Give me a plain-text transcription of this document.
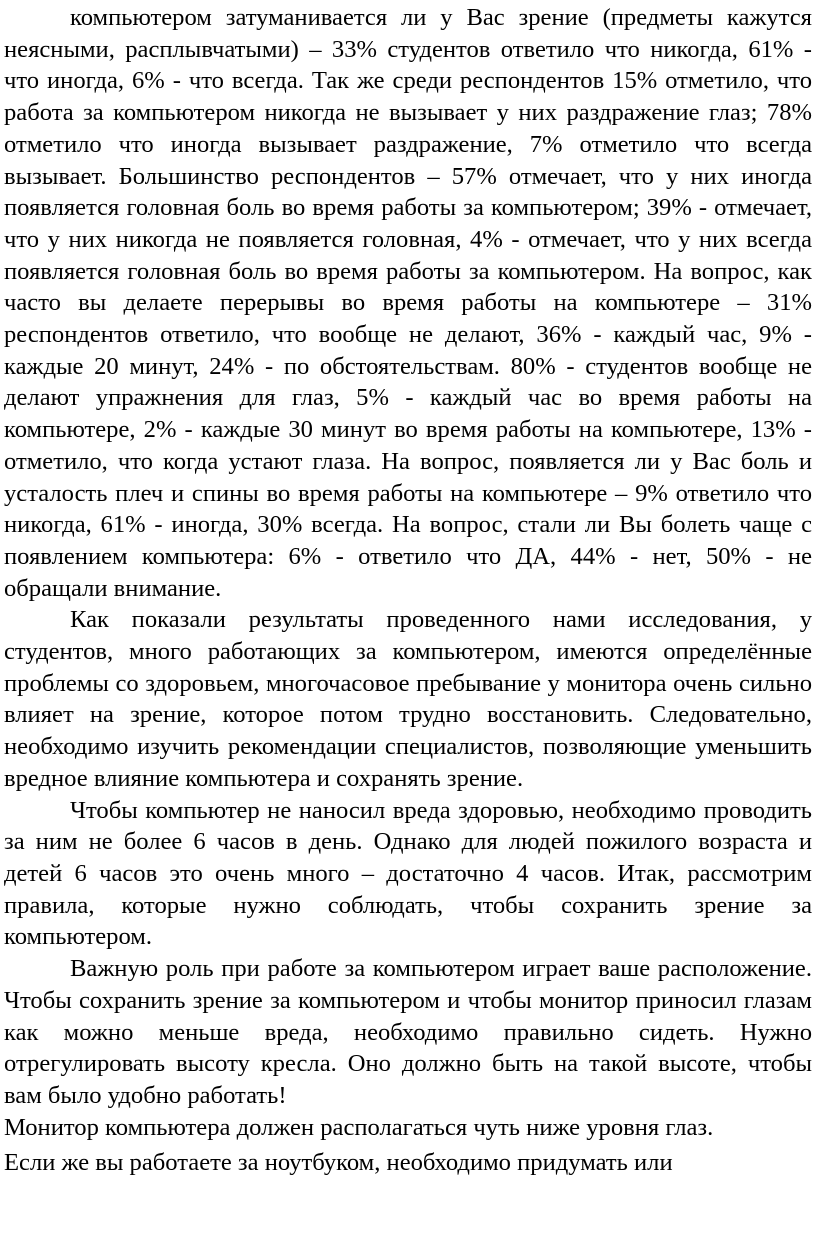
компьютером затуманивается ли у Вас зрение (предметы кажутся неясными, расплывчатыми) – 33% студентов ответило что никогда, 61% - что иногда, 6% - что всегда. Так же среди респондентов 15% отметило, что работа за компьютером никогда не вызывает у них раздражение глаз; 78% отметило что иногда вызывает раздражение, 7% отметило что всегда вызывает. Большинство респондентов – 57% отмечает, что у них иногда появляется головная боль во время работы за компьютером; 39% - отмечает, что у них никогда не появляется головная, 4% - отмечает, что у них всегда появляется головная боль во время работы за компьютером. На вопрос, как часто вы делаете перерывы во время работы на компьютере – 31% респондентов ответило, что вообще не делают, 36% - каждый час, 9% - каждые 20 минут, 24% - по обстоятельствам. 80% - студентов вообще не делают упражнения для глаз, 5% - каждый час во время работы на компьютере, 2% - каждые 30 минут во время работы на компьютере, 13% - отметило, что когда устают глаза. На вопрос, появляется ли у Вас боль и усталость плеч и спины во время работы на компьютере – 9% ответило что никогда, 61% - иногда, 30% всегда. На вопрос, стали ли Вы болеть чаще с появлением компьютера: 6% - ответило что ДА, 44% - нет, 50% - не обращали внимание.

Как показали результаты проведенного нами исследования, у студентов, много работающих за компьютером, имеются определённые проблемы со здоровьем, многочасовое пребывание у монитора очень сильно влияет на зрение, которое потом трудно восстановить. Следовательно, необходимо изучить рекомендации специалистов, позволяющие уменьшить вредное влияние компьютера и сохранять зрение.

Чтобы компьютер не наносил вреда здоровью, необходимо проводить за ним не более 6 часов в день. Однако для людей пожилого возраста и детей 6 часов это очень много – достаточно 4 часов. Итак, рассмотрим правила, которые нужно соблюдать, чтобы сохранить зрение за компьютером.

Важную роль при работе за компьютером играет ваше расположение. Чтобы сохранить зрение за компьютером и чтобы монитор приносил глазам как можно меньше вреда, необходимо правильно сидеть. Нужно отрегулировать высоту кресла. Оно должно быть на такой высоте, чтобы вам было удобно работать!

Монитор компьютера должен располагаться чуть ниже уровня глаз.

Если же вы работаете за ноутбуком, необходимо придумать или
